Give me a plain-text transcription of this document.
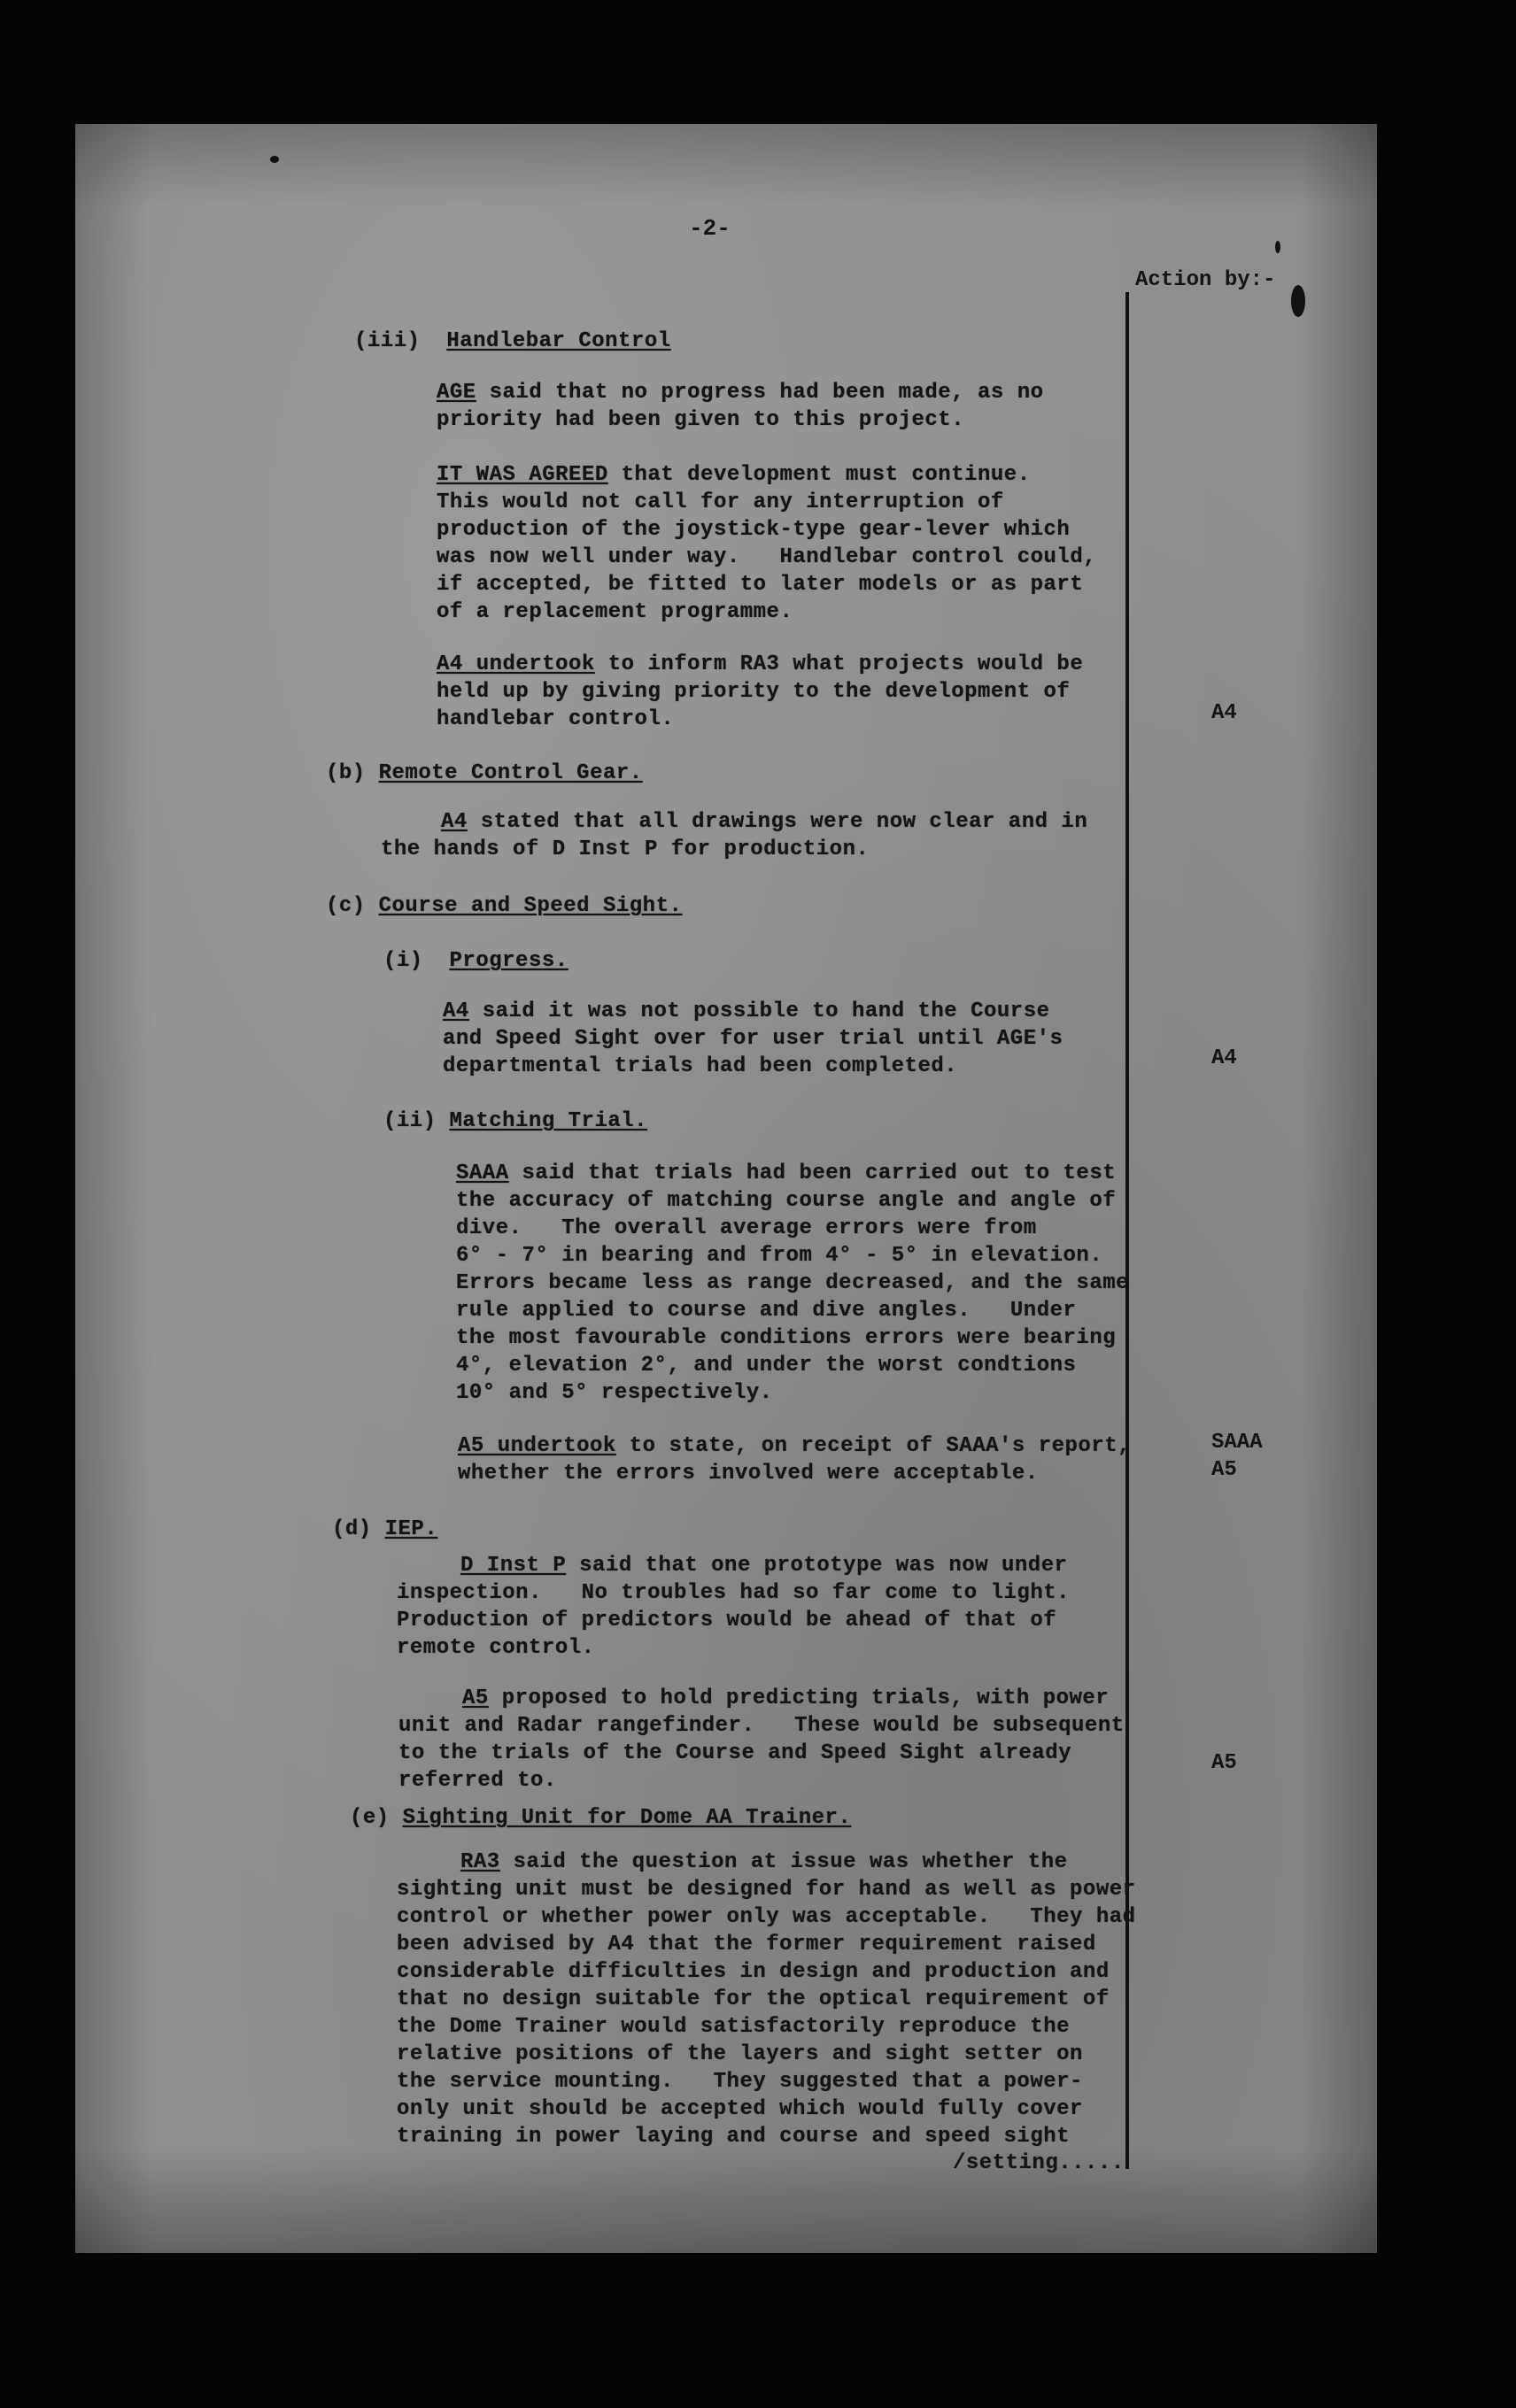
-2-
Action by:-
(iii) Handlebar Control
AGE said that no progress had been made, as no
priority had been given to this project.
IT WAS AGREED that development must continue.
This would not call for any interruption of
production of the joystick-type gear-lever which
was now well under way.   Handlebar control could,
if accepted, be fitted to later models or as part
of a replacement programme.
A4 undertook to inform RA3 what projects would be
held up by giving priority to the development of
handlebar control.	A4
(b) Remote Control Gear.
A4 stated that all drawings were now clear and in
the hands of D Inst P for production.
(c) Course and Speed Sight.
(i) Progress.
A4 said it was not possible to hand the Course
and Speed Sight over for user trial until AGE's
departmental trials had been completed.	A4
(ii) Matching Trial.
SAAA said that trials had been carried out to test
the accuracy of matching course angle and angle of
dive.   The overall average errors were from
6° - 7° in bearing and from 4° - 5° in elevation.
Errors became less as range decreased, and the same
rule applied to course and dive angles.   Under
the most favourable conditions errors were bearing
4°, elevation 2°, and under the worst condtions
10° and 5° respectively.
A5 undertook to state, on receipt of SAAA's report,
whether the errors involved were acceptable.
SAAA
A5
(d) IEP.
D Inst P said that one prototype was now under
inspection.   No troubles had so far come to light.
Production of predictors would be ahead of that of
remote control.
A5 proposed to hold predicting trials, with power
unit and Radar rangefinder.   These would be subsequent
to the trials of the Course and Speed Sight already
referred to.
A5
(e) Sighting Unit for Dome AA Trainer.
RA3 said the question at issue was whether the
sighting unit must be designed for hand as well as power
control or whether power only was acceptable.   They had
been advised by A4 that the former requirement raised
considerable difficulties in design and production and
that no design suitable for the optical requirement of
the Dome Trainer would satisfactorily reproduce the
relative positions of the layers and sight setter on
the service mounting.   They suggested that a power-
only unit should be accepted which would fully cover
training in power laying and course and speed sight
/setting.....
